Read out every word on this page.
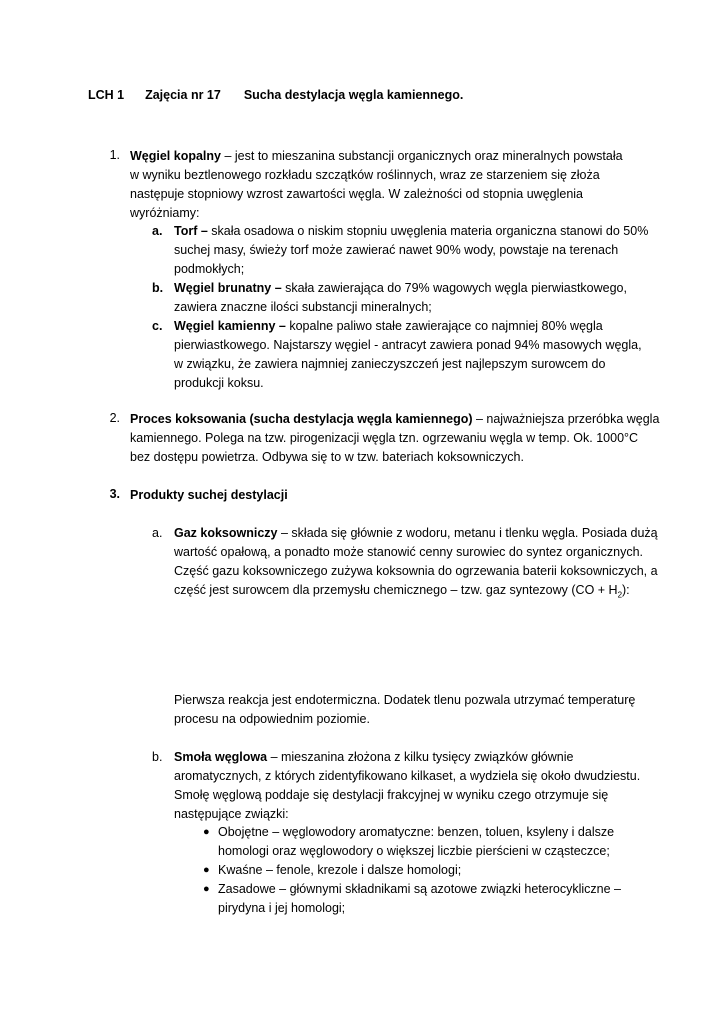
LCH 1 Zajęcia nr 17 Sucha destylacja węgla kamiennego.
1. Węgiel kopalny – jest to mieszanina substancji organicznych oraz mineralnych powstała
w wyniku beztlenowego rozkładu szczątków roślinnych, wraz ze starzeniem się złoża
następuje stopniowy wzrost zawartości węgla. W zależności od stopnia uwęglenia
wyróżniamy:
a. Torf – skała osadowa o niskim stopniu uwęglenia materia organiczna stanowi do 50%
suchej masy, świeży torf może zawierać nawet 90% wody, powstaje na terenach
podmokłych;
b. Węgiel brunatny – skała zawierająca do 79% wagowych węgla pierwiastkowego,
zawiera znaczne ilości substancji mineralnych;
c. Węgiel kamienny – kopalne paliwo stałe zawierające co najmniej 80% węgla
pierwiastkowego. Najstarszy węgiel - antracyt zawiera ponad 94% masowych węgla,
w związku, że zawiera najmniej zanieczyszczeń jest najlepszym surowcem do
produkcji koksu.
2. Proces koksowania (sucha destylacja węgla kamiennego) – najważniejsza przeróbka węgla
kamiennego. Polega na tzw. pirogenizacji węgla tzn. ogrzewaniu węgla w temp. Ok. 1000°C
bez dostępu powietrza. Odbywa się to w tzw. bateriach koksowniczych.
3. Produkty suchej destylacji
a. Gaz koksowniczy – składa się głównie z wodoru, metanu i tlenku węgla. Posiada dużą
wartość opałową, a ponadto może stanowić cenny surowiec do syntez organicznych.
Część gazu koksowniczego zużywa koksownia do ogrzewania baterii koksowniczych, a
część jest surowcem dla przemysłu chemicznego – tzw. gaz syntezowy $(CO + H_2)$:
Pierwsza reakcja jest endotermiczna. Dodatek tlenu pozwala utrzymać temperaturę
procesu na odpowiednim poziomie.
b. Smoła węglowa – mieszanina złożona z kilku tysięcy związków głównie
aromatycznych, z których zidentyfikowano kilkaset, a wydziela się około dwudziestu.
Smołę węglową poddaje się destylacji frakcyjnej w wyniku czego otrzymuje się
następujące związki:
● Obojętne – węglowodory aromatyczne: benzen, toluen, ksyleny i dalsze
homologi oraz węglowodory o większej liczbie pierścieni w cząsteczce;
● Kwaśne – fenole, krezole i dalsze homologi;
● Zasadowe – głównymi składnikami są azotowe związki heterocykliczne –
pirydyna i jej homologi;
